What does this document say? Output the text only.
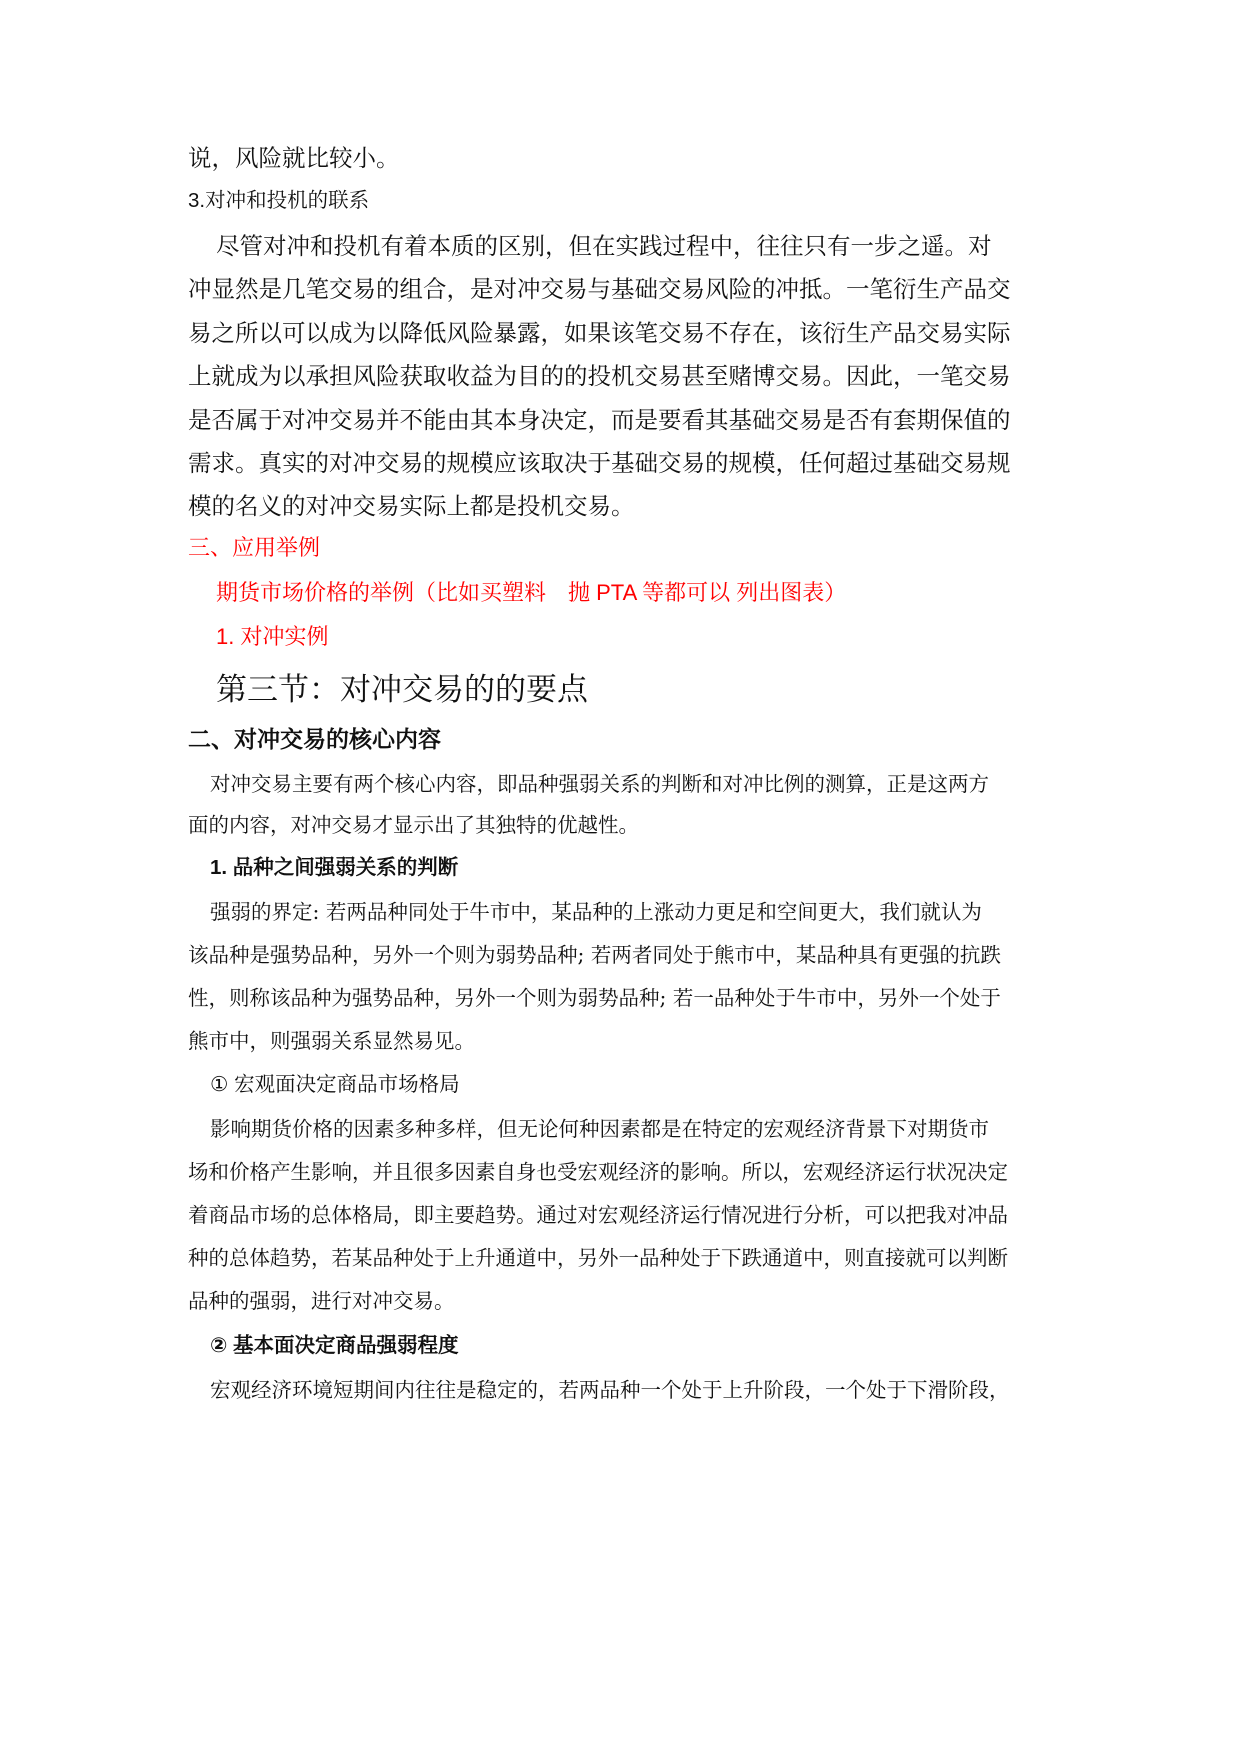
说，风险就比较小。

3.对冲和投机的联系

尽管对冲和投机有着本质的区别，但在实践过程中，往往只有一步之遥。对

冲显然是几笔交易的组合，是对冲交易与基础交易风险的冲抵。一笔衍生产品交

易之所以可以成为以降低风险暴露，如果该笔交易不存在，该衍生产品交易实际

上就成为以承担风险获取收益为目的的投机交易甚至赌博交易。因此，一笔交易

是否属于对冲交易并不能由其本身决定，而是要看其基础交易是否有套期保值的

需求。真实的对冲交易的规模应该取决于基础交易的规模，任何超过基础交易规

模的名义的对冲交易实际上都是投机交易。

三、应用举例

期货市场价格的举例（比如买塑料　抛 PTA 等都可以 列出图表）

1. 对冲实例

第三节：对冲交易的的要点

二、对冲交易的核心内容

对冲交易主要有两个核心内容，即品种强弱关系的判断和对冲比例的测算，正是这两方

面的内容，对冲交易才显示出了其独特的优越性。

1. 品种之间强弱关系的判断

强弱的界定: 若两品种同处于牛市中，某品种的上涨动力更足和空间更大，我们就认为

该品种是强势品种，另外一个则为弱势品种; 若两者同处于熊市中，某品种具有更强的抗跌

性，则称该品种为强势品种，另外一个则为弱势品种; 若一品种处于牛市中，另外一个处于

熊市中，则强弱关系显然易见。

① 宏观面决定商品市场格局

影响期货价格的因素多种多样，但无论何种因素都是在特定的宏观经济背景下对期货市

场和价格产生影响，并且很多因素自身也受宏观经济的影响。所以，宏观经济运行状况决定

着商品市场的总体格局，即主要趋势。通过对宏观经济运行情况进行分析，可以把我对冲品

种的总体趋势，若某品种处于上升通道中，另外一品种处于下跌通道中，则直接就可以判断

品种的强弱，进行对冲交易。

② 基本面决定商品强弱程度

宏观经济环境短期间内往往是稳定的，若两品种一个处于上升阶段，一个处于下滑阶段，
